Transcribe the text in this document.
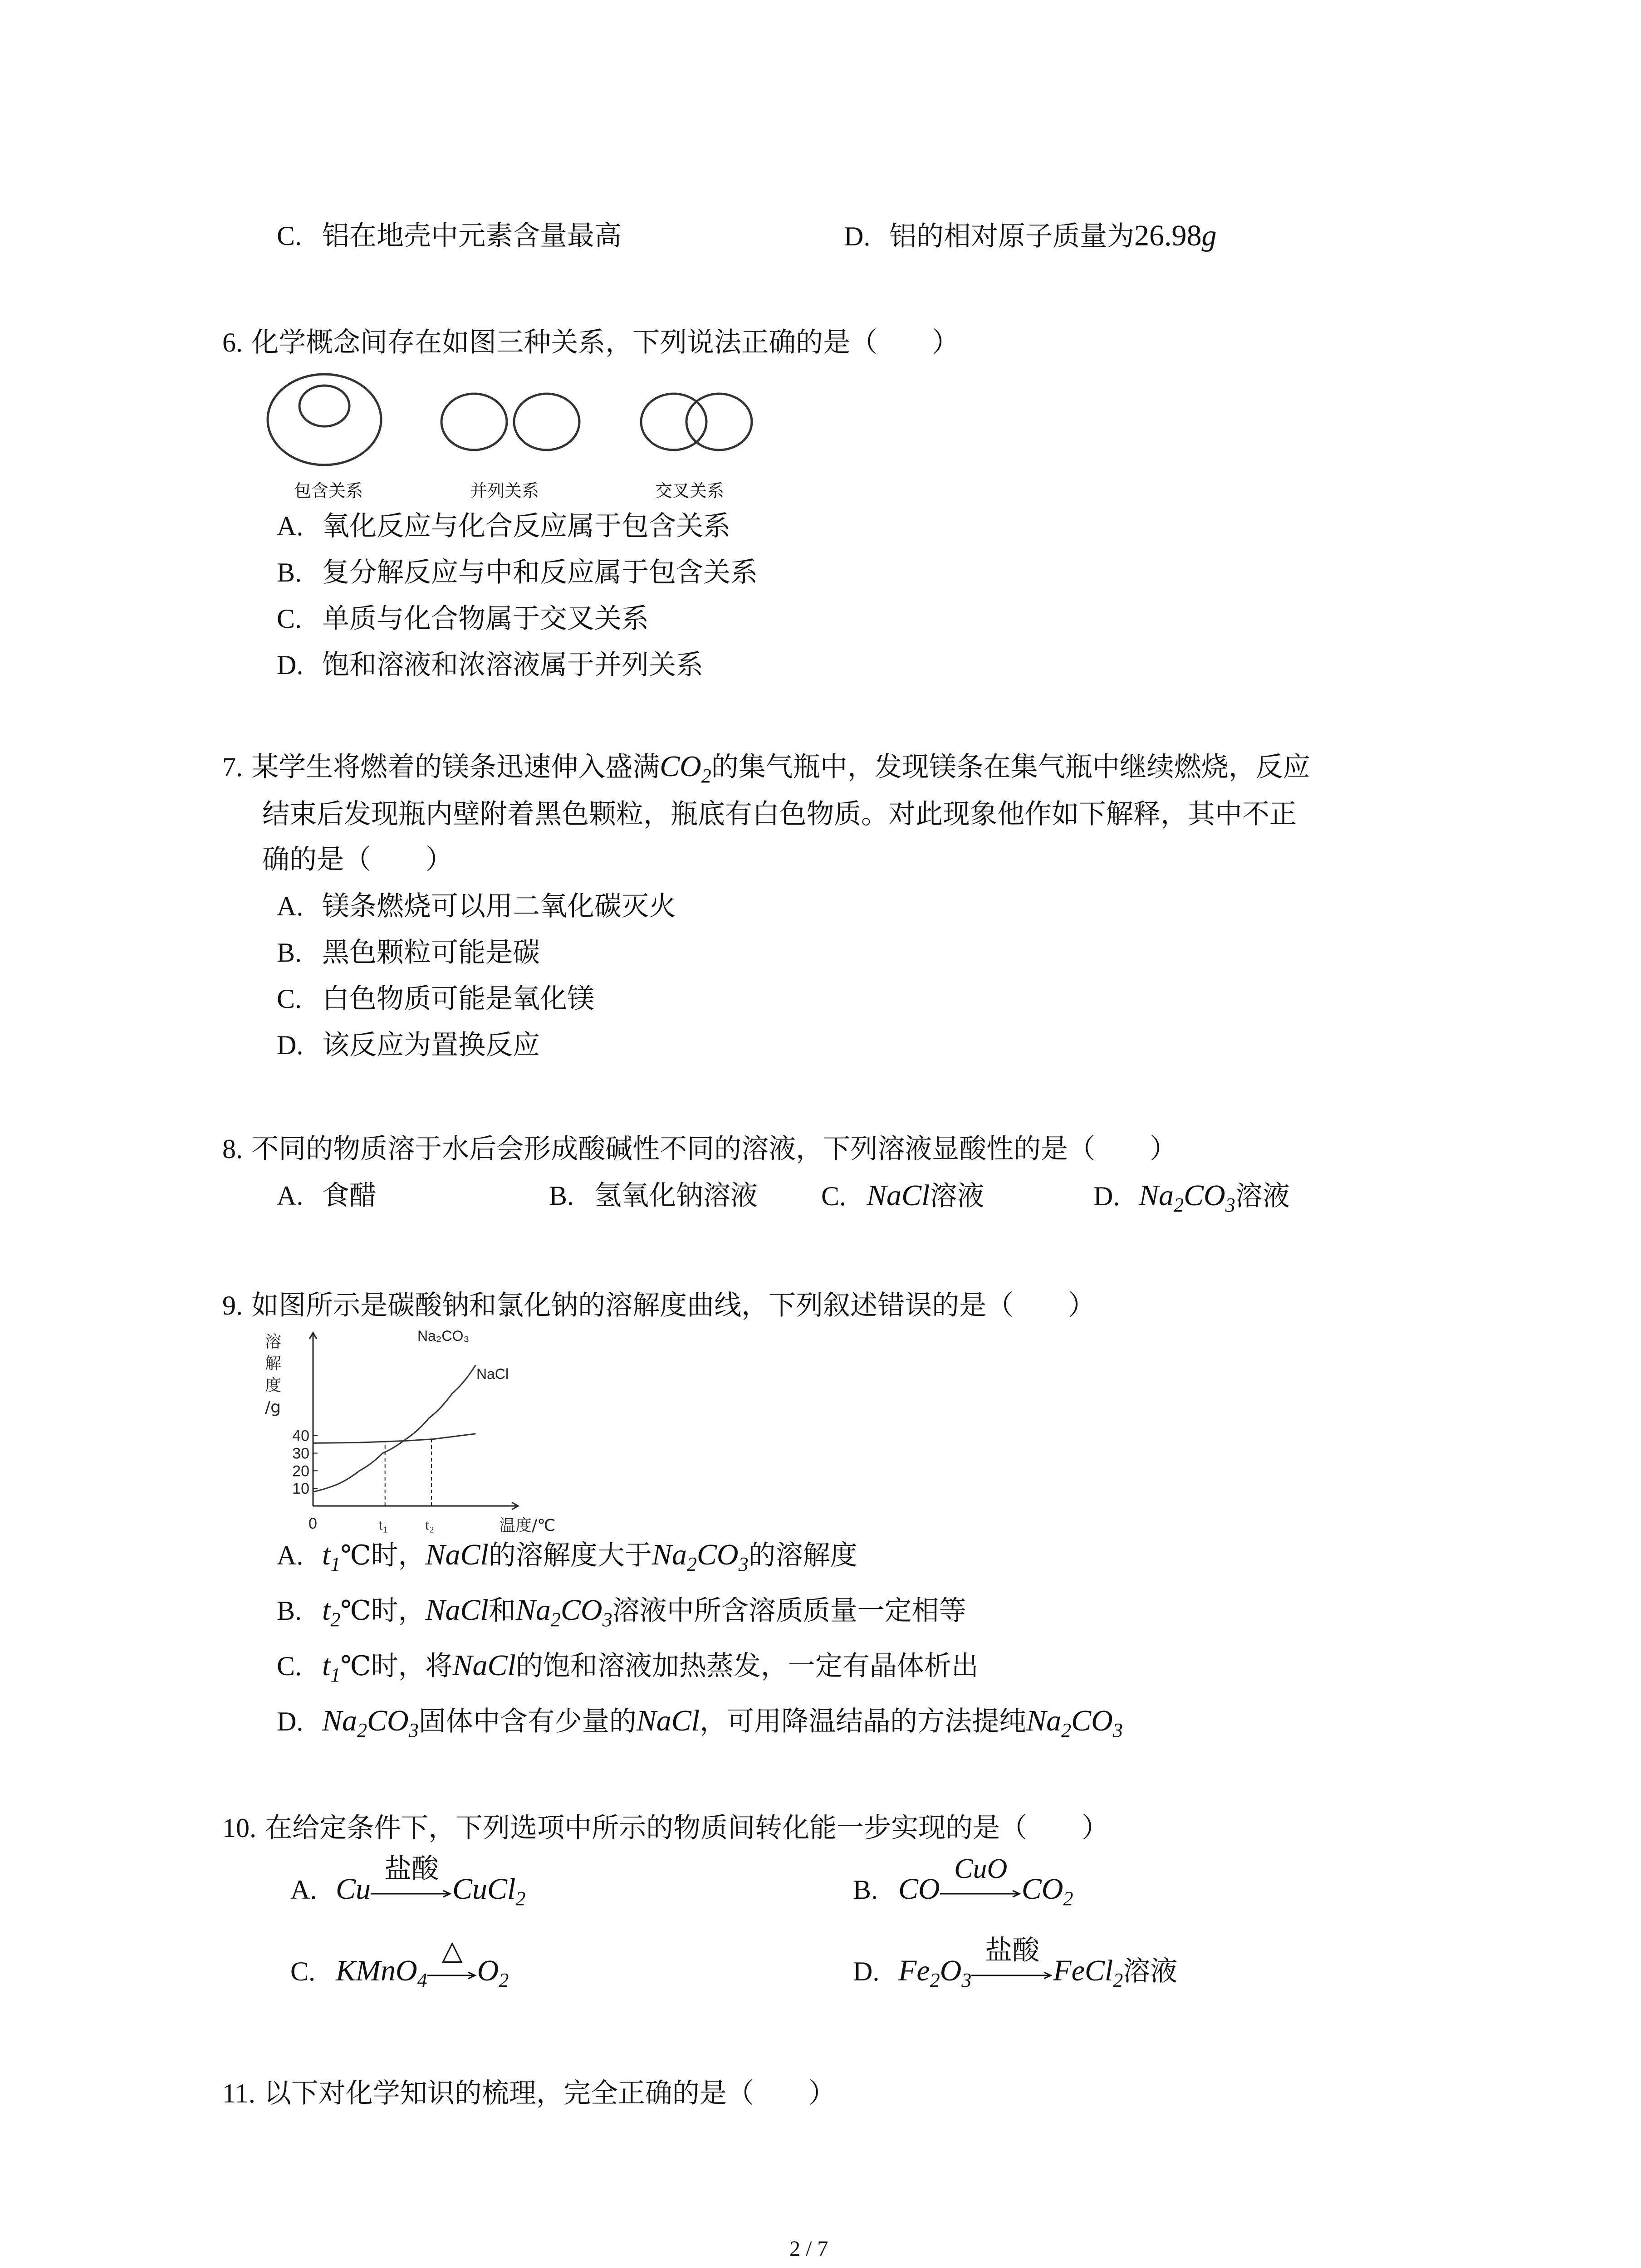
C. 铝在地壳中元素含量最高	D. 铝的相对原子质量为26.98g
6. 化学概念间存在如图三种关系，下列说法正确的是（　　）
包含关系	并列关系	交叉关系
A. 氧化反应与化合反应属于包含关系
B. 复分解反应与中和反应属于包含关系
C. 单质与化合物属于交叉关系
D. 饱和溶液和浓溶液属于并列关系
7. 某学生将燃着的镁条迅速伸入盛满$CO_2$的集气瓶中，发现镁条在集气瓶中继续燃烧，反应
结束后发现瓶内壁附着黑色颗粒，瓶底有白色物质。对此现象他作如下解释，其中不正
确的是（　　）
A. 镁条燃烧可以用二氧化碳灭火
B. 黑色颗粒可能是碳
C. 白色物质可能是氧化镁
D. 该反应为置换反应
8. 不同的物质溶于水后会形成酸碱性不同的溶液，下列溶液显酸性的是（　　）
A. 食醋	B. 氢氧化钠溶液 C. NaCl溶液	D. $Na_2CO_3$溶液
9. 如图所示是碳酸钠和氯化钠的溶解度曲线，下列叙述错误的是（　　）
溶
解
度
/g
10
20
30
40
0	t₁	t₂	温度/℃
Na₂CO₃
NaCl
A. $t_1℃$时，NaCl的溶解度大于$Na_2CO_3$的溶解度
B. $t_2℃$时，NaCl和$Na_2CO_3$溶液中所含溶质质量一定相等
C. $t_1℃$时，将NaCl的饱和溶液加热蒸发，一定有晶体析出
D. $Na_2CO_3$固体中含有少量的NaCl，可用降温结晶的方法提纯$Na_2CO_3$
10. 在给定条件下，下列选项中所示的物质间转化能一步实现的是（　　）
A. Cu
盐酸
CuCl$_2$	B. CO
CuO
$CO_2$
C. KMnO$_4$
△
$O_2$	D. $Fe_2O_3$
盐酸
FeCl$_2$溶液
11. 以下对化学知识的梳理，完全正确的是（　　）
2 / 7
